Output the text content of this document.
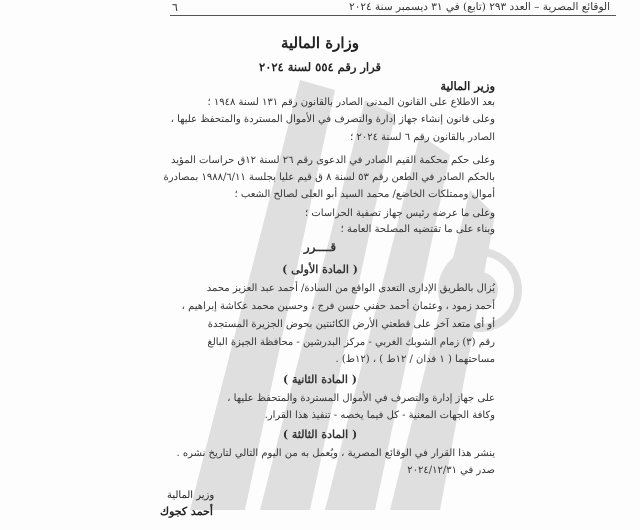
٦	الوقائع المصرية – العدد ٢٩٣ (تابع) في ٣١ ديسمبر سنة ٢٠٢٤
وزارة المالية
قرار رقم ٥٥٤ لسنة ٢٠٢٤
وزير المالية
بعد الاطلاع على القانون المدنى الصادر بالقانون رقم ١٣١ لسنة ١٩٤٨ ؛
وعلى قانون إنشاء جهاز إدارة والتصرف في الأموال المستردة والمتحفظ عليها ،
الصادر بالقانون رقم ٦ لسنة ٢٠٢٤ ؛
وعلى حكم محكمة القيم الصادر في الدعوى رقم ٢٦ لسنة ١٢ق حراسات المؤيد
بالحكم الصادر في الطعن رقم ٥٣ لسنة ٨ ق قيم عليا بجلسة ١٩٨٨/٦/١١ بمصادرة
أموال وممتلكات الخاضع/ محمد السيد أبو العلى لصالح الشعب ؛
وعلى ما عرضه رئيس جهاز تصفية الحراسات ؛
وبناء على ما تقتضيه المصلحة العامة ؛
قــــرر
( المادة الأولى )
يُزال بالطريق الإدارى التعدى الواقع من السادة/ أحمد عبد العزيز محمد
أحمد زمود ، وعثمان أحمد حفني حسن فرج ، وحسين محمد عكاشة إبراهيم ،
أو أى متعد آخر على قطعتي الأرض الكائنتين بحوض الجزيرة المستجدة
رقم (٣) زمام الشوبك الغربي - مركز البدرشين - محافظة الجيزة البالغ
مساحتهما ( ١ فدان / ١٢ط ) ، (١٢ط) .
( المادة الثانية )
على جهاز إدارة والتصرف في الأموال المستردة والمتحفظ عليها ،
وكافة الجهات المعنية - كل فيما يخصه - تنفيذ هذا القرار.
( المادة الثالثة )
ينشر هذا القرار في الوقائع المصرية ، ويُعمل به من اليوم التالي لتاريخ نشره .
صدر في ٢٠٢٤/١٢/٣١
وزير المالية
أحمد كجوك
